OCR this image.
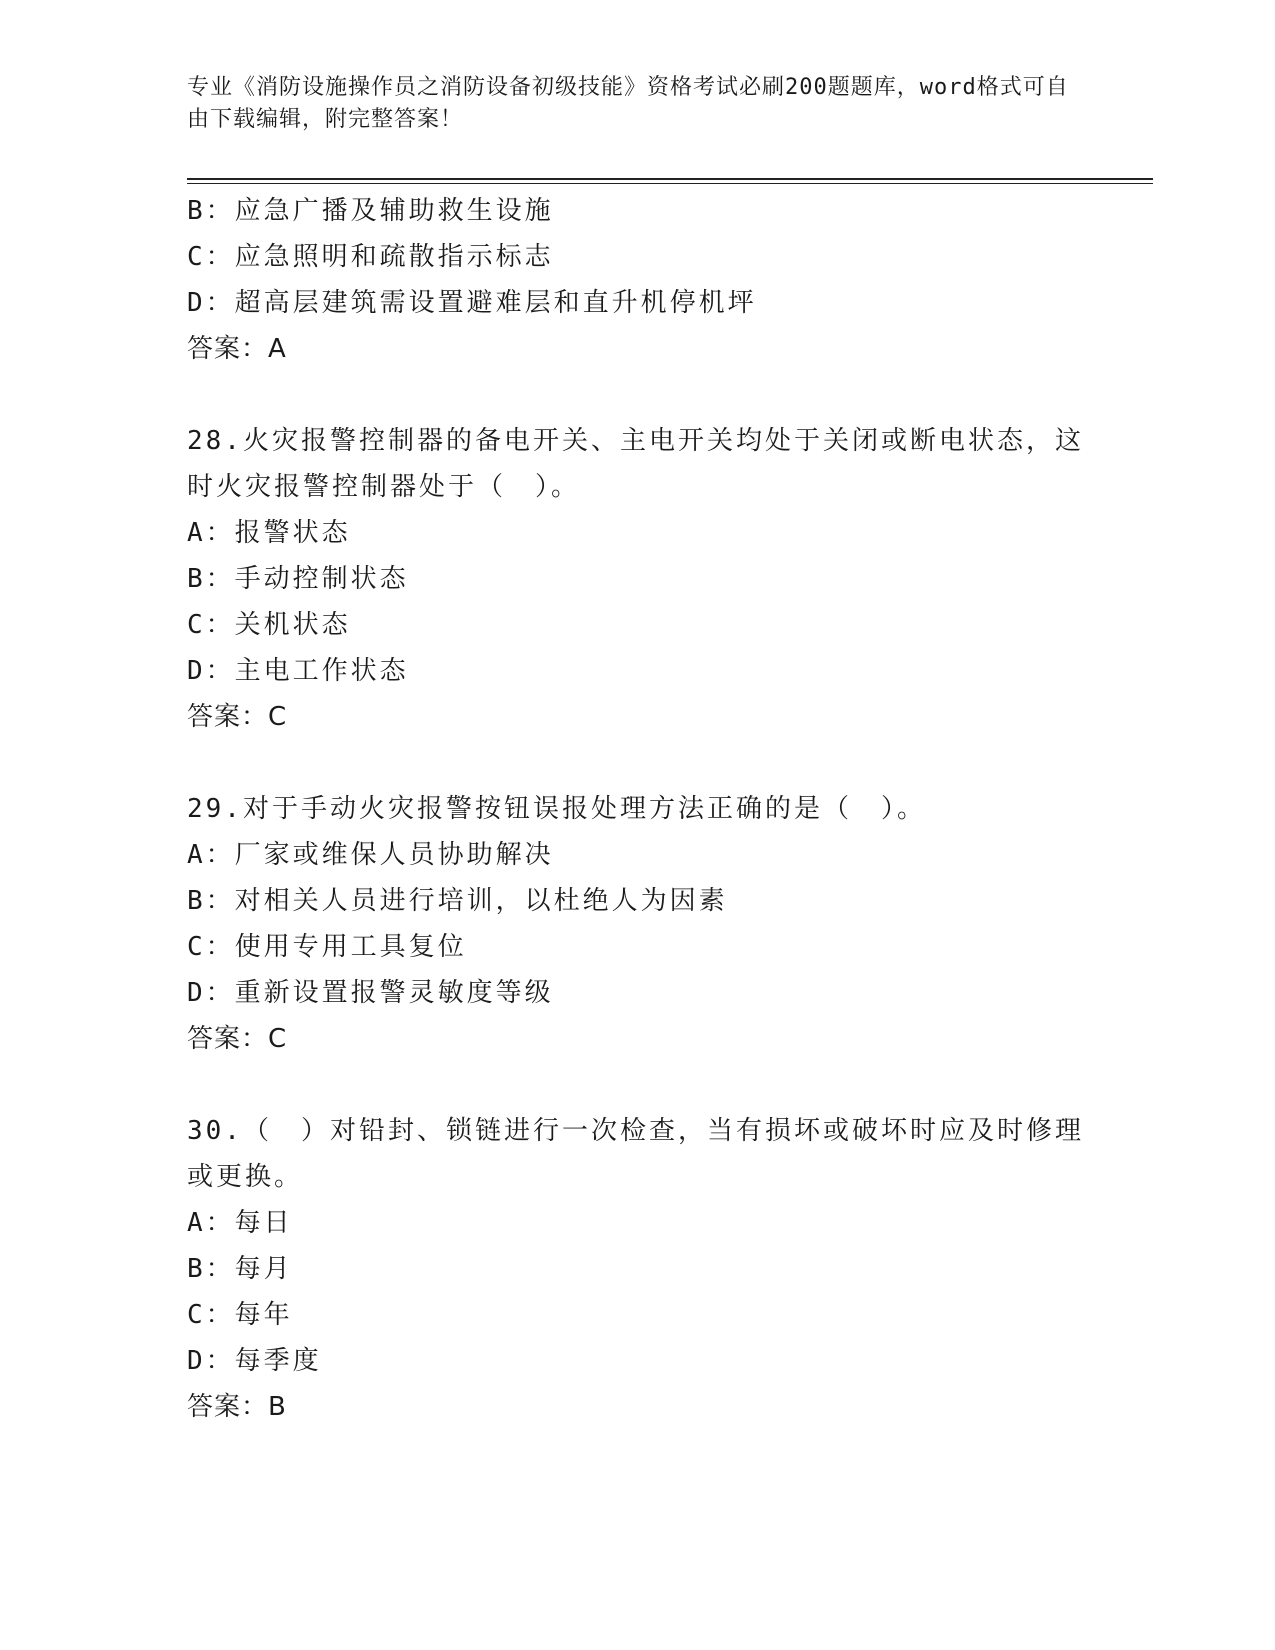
专业《消防设施操作员之消防设备初级技能》资格考试必刷200题题库，word格式可自由下载编辑，附完整答案！
B：应急广播及辅助救生设施
C：应急照明和疏散指示标志
D：超高层建筑需设置避难层和直升机停机坪
答案：A
28.火灾报警控制器的备电开关、主电开关均处于关闭或断电状态，这
时火灾报警控制器处于（　）。
A：报警状态
B：手动控制状态
C：关机状态
D：主电工作状态
答案：C
29.对于手动火灾报警按钮误报处理方法正确的是（　）。
A：厂家或维保人员协助解决
B：对相关人员进行培训，以杜绝人为因素
C：使用专用工具复位
D：重新设置报警灵敏度等级
答案：C
30.（　）对铅封、锁链进行一次检查，当有损坏或破坏时应及时修理
或更换。
A：每日
B：每月
C：每年
D：每季度
答案：B
